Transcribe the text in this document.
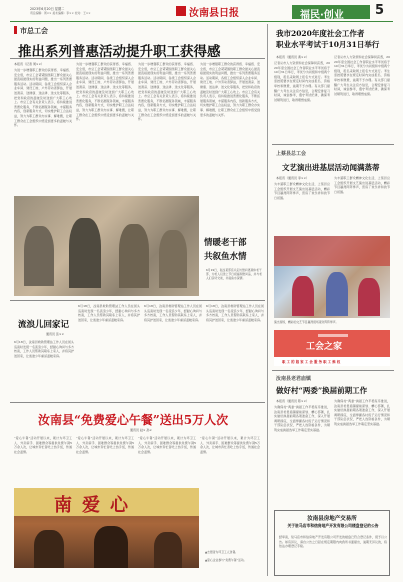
2023年6月20日 星期二
责任编辑：周×× 美术编辑：李×× 校对：王××	汝南县日报	福民·创业 5
市总工会
推出系列普惠活动提升职工获得感
本报讯（记者 周××）
为进一步增强职工群众的获得感、幸福感、安全感，市总工会紧紧围绕职工群众最关心最直接最现实的利益问题，推出一系列普惠服务活动。活动期间，各级工会组织深入企业车间、建设工地、户外劳动者驿站，开展送清凉、送健康、送法律、送文化等服务，把党和政府的温暖及时送到广大职工心坎上。市总工会有关负责人表示，将持续推进普惠化服务，不断拓展服务领域，丰富服务内容，创新服务方式，切实维护职工合法权益，努力为职工群众办实事、解难题，让职工群众在工会组织中感受到更多的温暖与关怀。
为进一步增强职工群众的获得感、幸福感、安全感，市总工会紧紧围绕职工群众最关心最直接最现实的利益问题，推出一系列普惠服务活动。活动期间，各级工会组织深入企业车间、建设工地、户外劳动者驿站，开展送清凉、送健康、送法律、送文化等服务，把党和政府的温暖及时送到广大职工心坎上。市总工会有关负责人表示，将持续推进普惠化服务，不断拓展服务领域，丰富服务内容，创新服务方式，切实维护职工合法权益，努力为职工群众办实事、解难题，让职工群众在工会组织中感受到更多的温暖与关怀。
为进一步增强职工群众的获得感、幸福感、安全感，市总工会紧紧围绕职工群众最关心最直接最现实的利益问题，推出一系列普惠服务活动。活动期间，各级工会组织深入企业车间、建设工地、户外劳动者驿站，开展送清凉、送健康、送法律、送文化等服务，把党和政府的温暖及时送到广大职工心坎上。市总工会有关负责人表示，将持续推进普惠化服务，不断拓展服务领域，丰富服务内容，创新服务方式，切实维护职工合法权益，努力为职工群众办实事、解难题，让职工群众在工会组织中感受到更多的温暖与关怀。
为进一步增强职工群众的获得感、幸福感、安全感，市总工会紧紧围绕职工群众最关心最直接最现实的利益问题，推出一系列普惠服务活动。活动期间，各级工会组织深入企业车间、建设工地、户外劳动者驿站，开展送清凉、送健康、送法律、送文化等服务，把党和政府的温暖及时送到广大职工心坎上。市总工会有关负责人表示，将持续推进普惠化服务，不断拓展服务领域，丰富服务内容，创新服务方式，切实维护职工合法权益，努力为职工群众办实事、解难题，让职工群众在工会组织中感受到更多的温暖与关怀。
情暖老干部
共叙鱼水情
6月19日，驻汝某部官兵走访慰问离退休老干部，为老人们送上节日祝福和慰问品，并与老人们亲切交谈，共叙鱼水深情。
流浪儿回家记
通讯员 张××
6月18日，汝南县救助管理站工作人员在街头巡查时发现一名流浪少年，经耐心询问与多方核查，工作人员帮助其联系上家人，并将其护送回家，让迷途少年重返温暖家庭。
6月18日，汝南县救助管理站工作人员在街头巡查时发现一名流浪少年，经耐心询问与多方核查，工作人员帮助其联系上家人，并将其护送回家，让迷途少年重返温暖家庭。
6月18日，汝南县救助管理站工作人员在街头巡查时发现一名流浪少年，经耐心询问与多方核查，工作人员帮助其联系上家人，并将其护送回家，让迷途少年重返温暖家庭。
6月18日，汝南县救助管理站工作人员在街头巡查时发现一名流浪少年，经耐心询问与多方核查，工作人员帮助其联系上家人，并将其护送回家，让迷途少年重返温暖家庭。
汝南县“免费爱心午餐”送出5万人次
通讯员 赵× 孙×
“爱心午餐”活动开展以来，累计为环卫工人、外卖骑手、困难群众等提供免费午餐5万余人次，让城市奔忙者吃上热乎饭，传递社会温情。
“爱心午餐”活动开展以来，累计为环卫工人、外卖骑手、困难群众等提供免费午餐5万余人次，让城市奔忙者吃上热乎饭，传递社会温情。
“爱心午餐”活动开展以来，累计为环卫工人、外卖骑手、困难群众等提供免费午餐5万余人次，让城市奔忙者吃上热乎饭，传递社会温情。
“爱心午餐”活动开展以来，累计为环卫工人、外卖骑手、困难群众等提供免费午餐5万余人次，让城市奔忙者吃上热乎饭，传递社会温情。
南爱心
▲志愿者为环卫工人送餐。
▲爱心企业参与“免费午餐”活动。
我市2020年度社会工作者
职业水平考试于10月31日举行
本报讯（通讯员 黄××）
记者从市人力资源和社会保障局获悉，2020年度全国社会工作者职业水平考试将于10月31日举行，考试分为初级和中级两个级别，报名采取网上报名方式进行。考生需按照要求在规定时间内完成报名、资格审核和缴费，逾期不予办理。有关部门提醒广大考生关注官方信息，合理安排复习时间，诚信参考，遵守考试纪律，确保考试顺利进行，取得理想成绩。
记者从市人力资源和社会保障局获悉，2020年度全国社会工作者职业水平考试将于10月31日举行，考试分为初级和中级两个级别，报名采取网上报名方式进行。考生需按照要求在规定时间内完成报名、资格审核和缴费，逾期不予办理。有关部门提醒广大考生关注官方信息，合理安排复习时间，诚信参考，遵守考试纪律，确保考试顺利进行，取得理想成绩。
上蔡县总工会
文艺演出进基层活动闻满蒸蒂
本报讯（通讯员 李××）
为丰富职工群众精神文化生活，上蔡县总工会组织开展文艺演出进基层活动，精彩节目赢得阵阵掌声，营造了欢乐祥和的节日氛围。
为丰富职工群众精神文化生活，上蔡县总工会组织开展文艺演出进基层活动，精彩节目赢得阵阵掌声，营造了欢乐祥和的节日氛围。
演出现场，精彩的文艺节目赢得现场观众阵阵掌声。
工会之家
职 工 的 娘 家 工 会 服 务 职 工 维 权
汝南县老君庙镇
做好村“两委”换届前期工作
本报讯（通讯员 陈××）
为确保村“两委”换届工作平稳有序推进，汝南县老君庙镇提前谋划、精心部署，扎实做好换届前期各项准备工作，深入开展调研摸底，全面掌握各村班子运行情况和干部队伍状况，严把人选资格条件，为顺利完成换届选举工作奠定坚实基础。
为确保村“两委”换届工作平稳有序推进，汝南县老君庙镇提前谋划、精心部署，扎实做好换届前期各项准备工作，深入开展调研摸底，全面掌握各村班子运行情况和干部队伍状况，严把人选资格条件，为顺利完成换届选举工作奠定坚实基础。
汝南县房地产交易所
关于驻马店市和信房地产开发有限公司楼盘登记的公告
经审查，驻马店市和信房地产开发有限公司开发的楼盘已符合登记条件，现予以公告。如有异议，请自公告之日起在规定期限内向我所书面提出，逾期无异议的，将依法办理登记手续。
